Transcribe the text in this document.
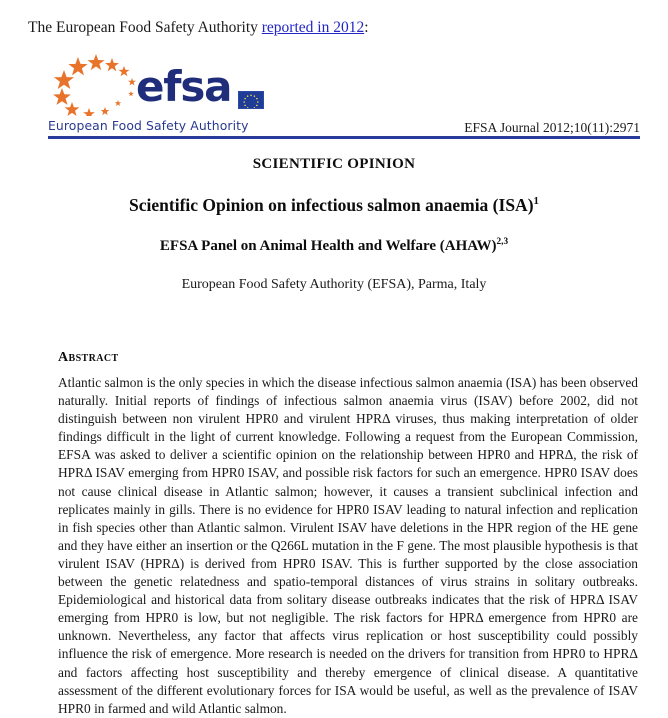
The European Food Safety Authority reported in 2012:
efsa
European Food Safety Authority	EFSA Journal 2012;10(11):2971
SCIENTIFIC OPINION
Scientific Opinion on infectious salmon anaemia (ISA)$^1$
EFSA Panel on Animal Health and Welfare (AHAW)$^{2,3}$
European Food Safety Authority (EFSA), Parma, Italy
Abstract
Atlantic salmon is the only species in which the disease infectious salmon anaemia (ISA) has been observed naturally. Initial reports of findings of infectious salmon anaemia virus (ISAV) before 2002, did not distinguish between non virulent HPR0 and virulent HPRΔ viruses, thus making interpretation of older findings difficult in the light of current knowledge. Following a request from the European Commission, EFSA was asked to deliver a scientific opinion on the relationship between HPR0 and HPRΔ, the risk of HPRΔ ISAV emerging from HPR0 ISAV, and possible risk factors for such an emergence. HPR0 ISAV does not cause clinical disease in Atlantic salmon; however, it causes a transient subclinical infection and replicates mainly in gills. There is no evidence for HPR0 ISAV leading to natural infection and replication in fish species other than Atlantic salmon. Virulent ISAV have deletions in the HPR region of the HE gene and they have either an insertion or the Q266L mutation in the F gene. The most plausible hypothesis is that virulent ISAV (HPRΔ) is derived from HPR0 ISAV. This is further supported by the close association between the genetic relatedness and spatio-temporal distances of virus strains in solitary outbreaks. Epidemiological and historical data from solitary disease outbreaks indicates that the risk of HPRΔ ISAV emerging from HPR0 is low, but not negligible. The risk factors for HPRΔ emergence from HPR0 are unknown. Nevertheless, any factor that affects virus replication or host susceptibility could possibly influence the risk of emergence. More research is needed on the drivers for transition from HPR0 to HPRΔ and factors affecting host susceptibility and thereby emergence of clinical disease. A quantitative assessment of the different evolutionary forces for ISA would be useful, as well as the prevalence of ISAV HPR0 in farmed and wild Atlantic salmon.
